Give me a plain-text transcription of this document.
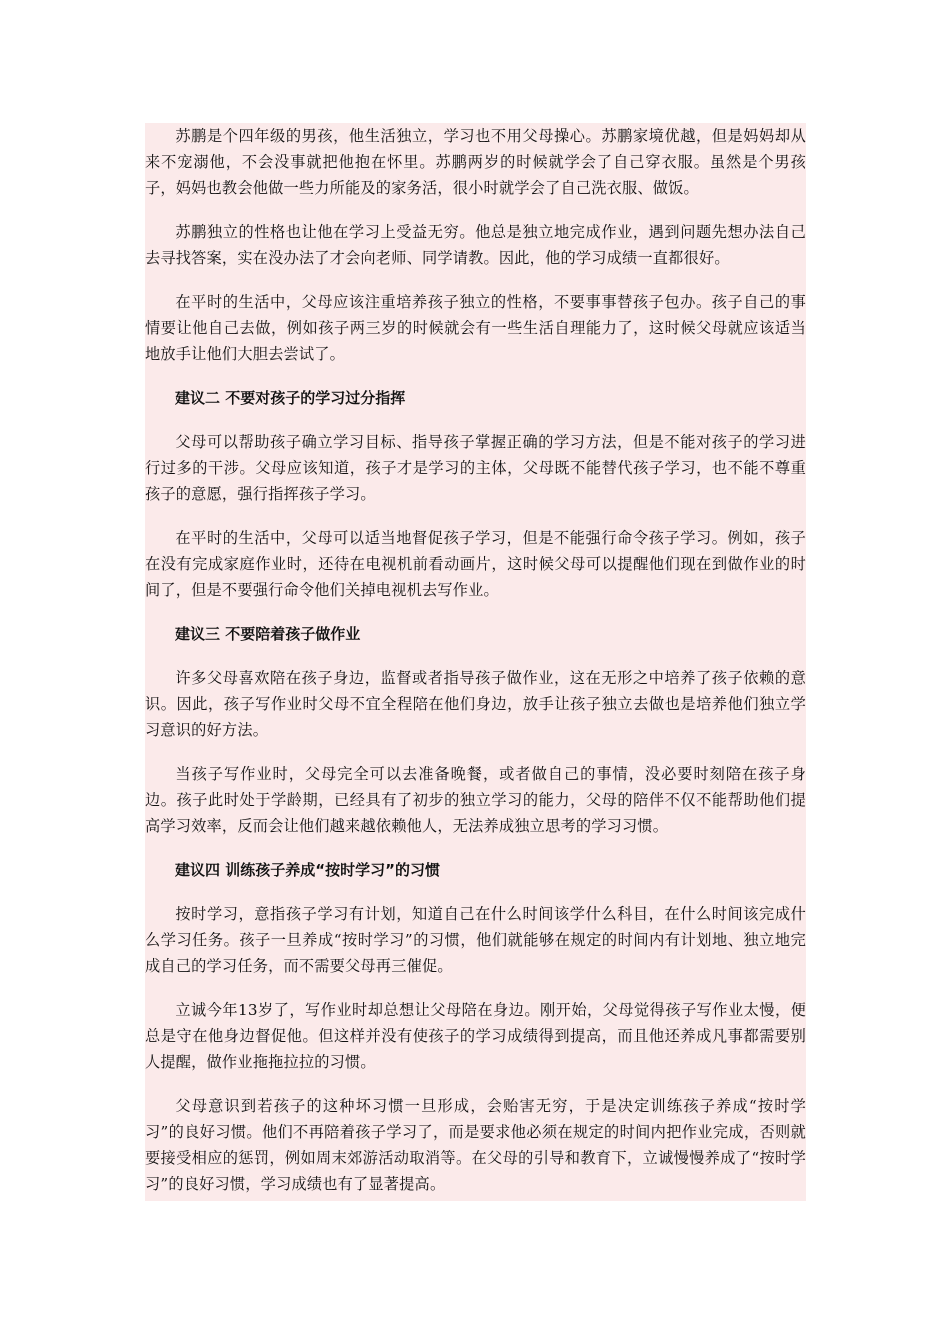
苏鹏是个四年级的男孩，他生活独立，学习也不用父母操心。苏鹏家境优越，但是妈妈却从来不宠溺他，不会没事就把他抱在怀里。苏鹏两岁的时候就学会了自己穿衣服。虽然是个男孩子，妈妈也教会他做一些力所能及的家务活，很小时就学会了自己洗衣服、做饭。

苏鹏独立的性格也让他在学习上受益无穷。他总是独立地完成作业，遇到问题先想办法自己去寻找答案，实在没办法了才会向老师、同学请教。因此，他的学习成绩一直都很好。

在平时的生活中，父母应该注重培养孩子独立的性格，不要事事替孩子包办。孩子自己的事情要让他自己去做，例如孩子两三岁的时候就会有一些生活自理能力了，这时候父母就应该适当地放手让他们大胆去尝试了。

建议二 不要对孩子的学习过分指挥

父母可以帮助孩子确立学习目标、指导孩子掌握正确的学习方法，但是不能对孩子的学习进行过多的干涉。父母应该知道，孩子才是学习的主体，父母既不能替代孩子学习，也不能不尊重孩子的意愿，强行指挥孩子学习。

在平时的生活中，父母可以适当地督促孩子学习，但是不能强行命令孩子学习。例如，孩子在没有完成家庭作业时，还待在电视机前看动画片，这时候父母可以提醒他们现在到做作业的时间了，但是不要强行命令他们关掉电视机去写作业。

建议三 不要陪着孩子做作业

许多父母喜欢陪在孩子身边，监督或者指导孩子做作业，这在无形之中培养了孩子依赖的意识。因此，孩子写作业时父母不宜全程陪在他们身边，放手让孩子独立去做也是培养他们独立学习意识的好方法。

当孩子写作业时，父母完全可以去准备晚餐，或者做自己的事情，没必要时刻陪在孩子身边。孩子此时处于学龄期，已经具有了初步的独立学习的能力，父母的陪伴不仅不能帮助他们提高学习效率，反而会让他们越来越依赖他人，无法养成独立思考的学习习惯。

建议四 训练孩子养成“按时学习”的习惯

按时学习，意指孩子学习有计划，知道自己在什么时间该学什么科目，在什么时间该完成什么学习任务。孩子一旦养成“按时学习”的习惯，他们就能够在规定的时间内有计划地、独立地完成自己的学习任务，而不需要父母再三催促。

立诚今年13岁了，写作业时却总想让父母陪在身边。刚开始，父母觉得孩子写作业太慢，便总是守在他身边督促他。但这样并没有使孩子的学习成绩得到提高，而且他还养成凡事都需要别人提醒，做作业拖拖拉拉的习惯。

父母意识到若孩子的这种坏习惯一旦形成，会贻害无穷，于是决定训练孩子养成“按时学习”的良好习惯。他们不再陪着孩子学习了，而是要求他必须在规定的时间内把作业完成，否则就要接受相应的惩罚，例如周末郊游活动取消等。在父母的引导和教育下，立诚慢慢养成了“按时学习”的良好习惯，学习成绩也有了显著提高。
